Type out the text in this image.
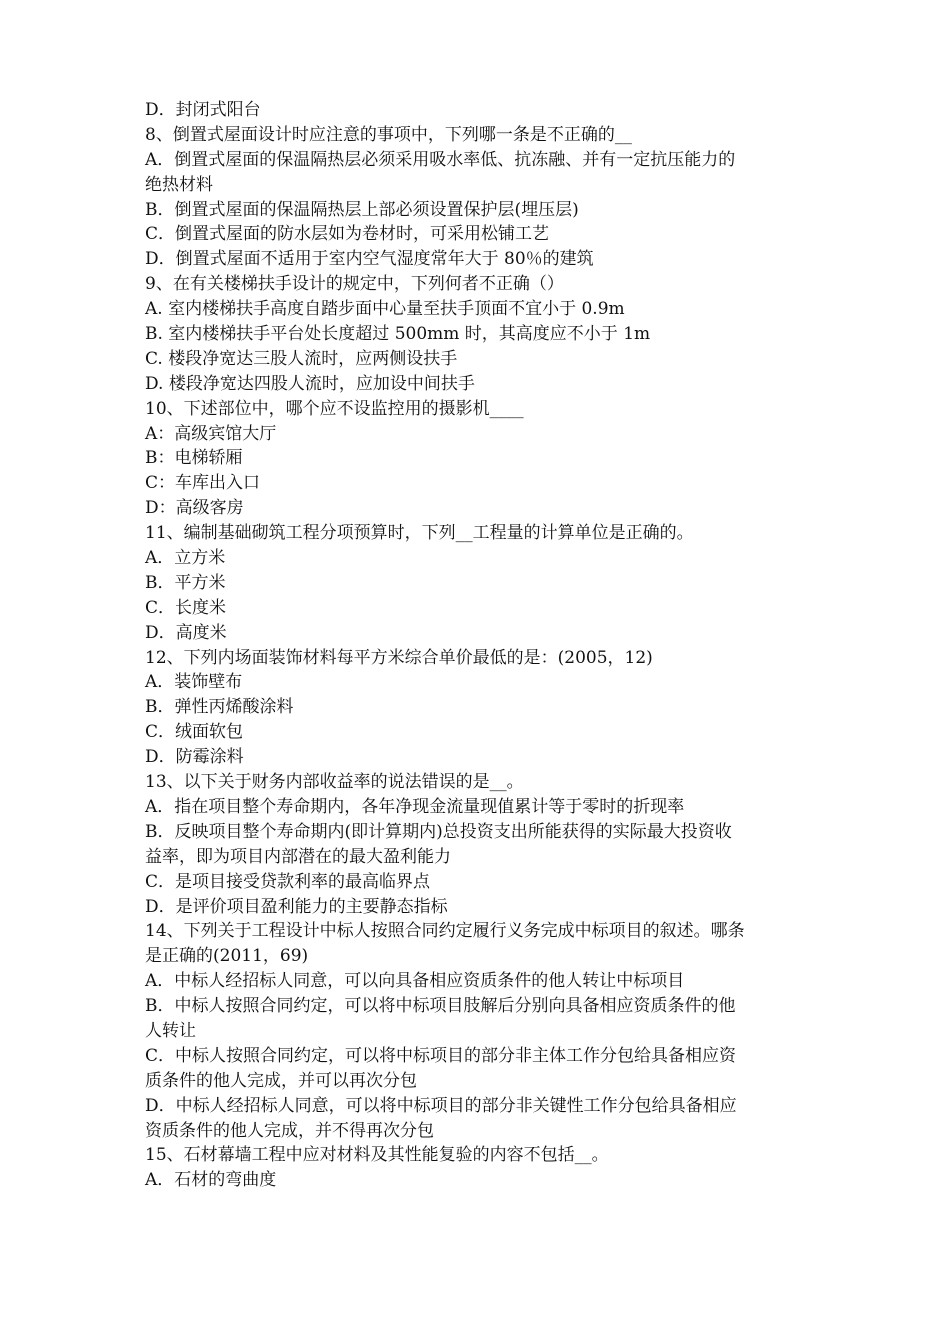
D．封闭式阳台
8、倒置式屋面设计时应注意的事项中，下列哪一条是不正确的__
A．倒置式屋面的保温隔热层必须采用吸水率低、抗冻融、并有一定抗压能力的
绝热材料
B．倒置式屋面的保温隔热层上部必须设置保护层(埋压层)
C．倒置式屋面的防水层如为卷材时，可采用松铺工艺
D．倒置式屋面不适用于室内空气湿度常年大于 80％的建筑
9、在有关楼梯扶手设计的规定中，下列何者不正确（）
A. 室内楼梯扶手高度自踏步面中心量至扶手顶面不宜小于 0.9m
B. 室内楼梯扶手平台处长度超过 500mm 时，其高度应不小于 1m
C. 楼段净宽达三股人流时，应两侧设扶手
D. 楼段净宽达四股人流时，应加设中间扶手
10、下述部位中，哪个应不设监控用的摄影机____
A：高级宾馆大厅
B：电梯轿厢
C：车库出入口
D：高级客房
11、编制基础砌筑工程分项预算时，下列__工程量的计算单位是正确的。
A．立方米
B．平方米
C．长度米
D．高度米
12、下列内场面装饰材料每平方米综合单价最低的是：(2005，12)
A．装饰壁布
B．弹性丙烯酸涂料
C．绒面软包
D．防霉涂料
13、以下关于财务内部收益率的说法错误的是__。
A．指在项目整个寿命期内，各年净现金流量现值累计等于零时的折现率
B．反映项目整个寿命期内(即计算期内)总投资支出所能获得的实际最大投资收
益率，即为项目内部潜在的最大盈利能力
C．是项目接受贷款利率的最高临界点
D．是评价项目盈利能力的主要静态指标
14、下列关于工程设计中标人按照合同约定履行义务完成中标项目的叙述。哪条
是正确的(2011，69)
A．中标人经招标人同意，可以向具备相应资质条件的他人转让中标项目
B．中标人按照合同约定，可以将中标项目肢解后分别向具备相应资质条件的他
人转让
C．中标人按照合同约定，可以将中标项目的部分非主体工作分包给具备相应资
质条件的他人完成，并可以再次分包
D．中标人经招标人同意，可以将中标项目的部分非关键性工作分包给具备相应
资质条件的他人完成，并不得再次分包
15、石材幕墙工程中应对材料及其性能复验的内容不包括__。
A．石材的弯曲度
